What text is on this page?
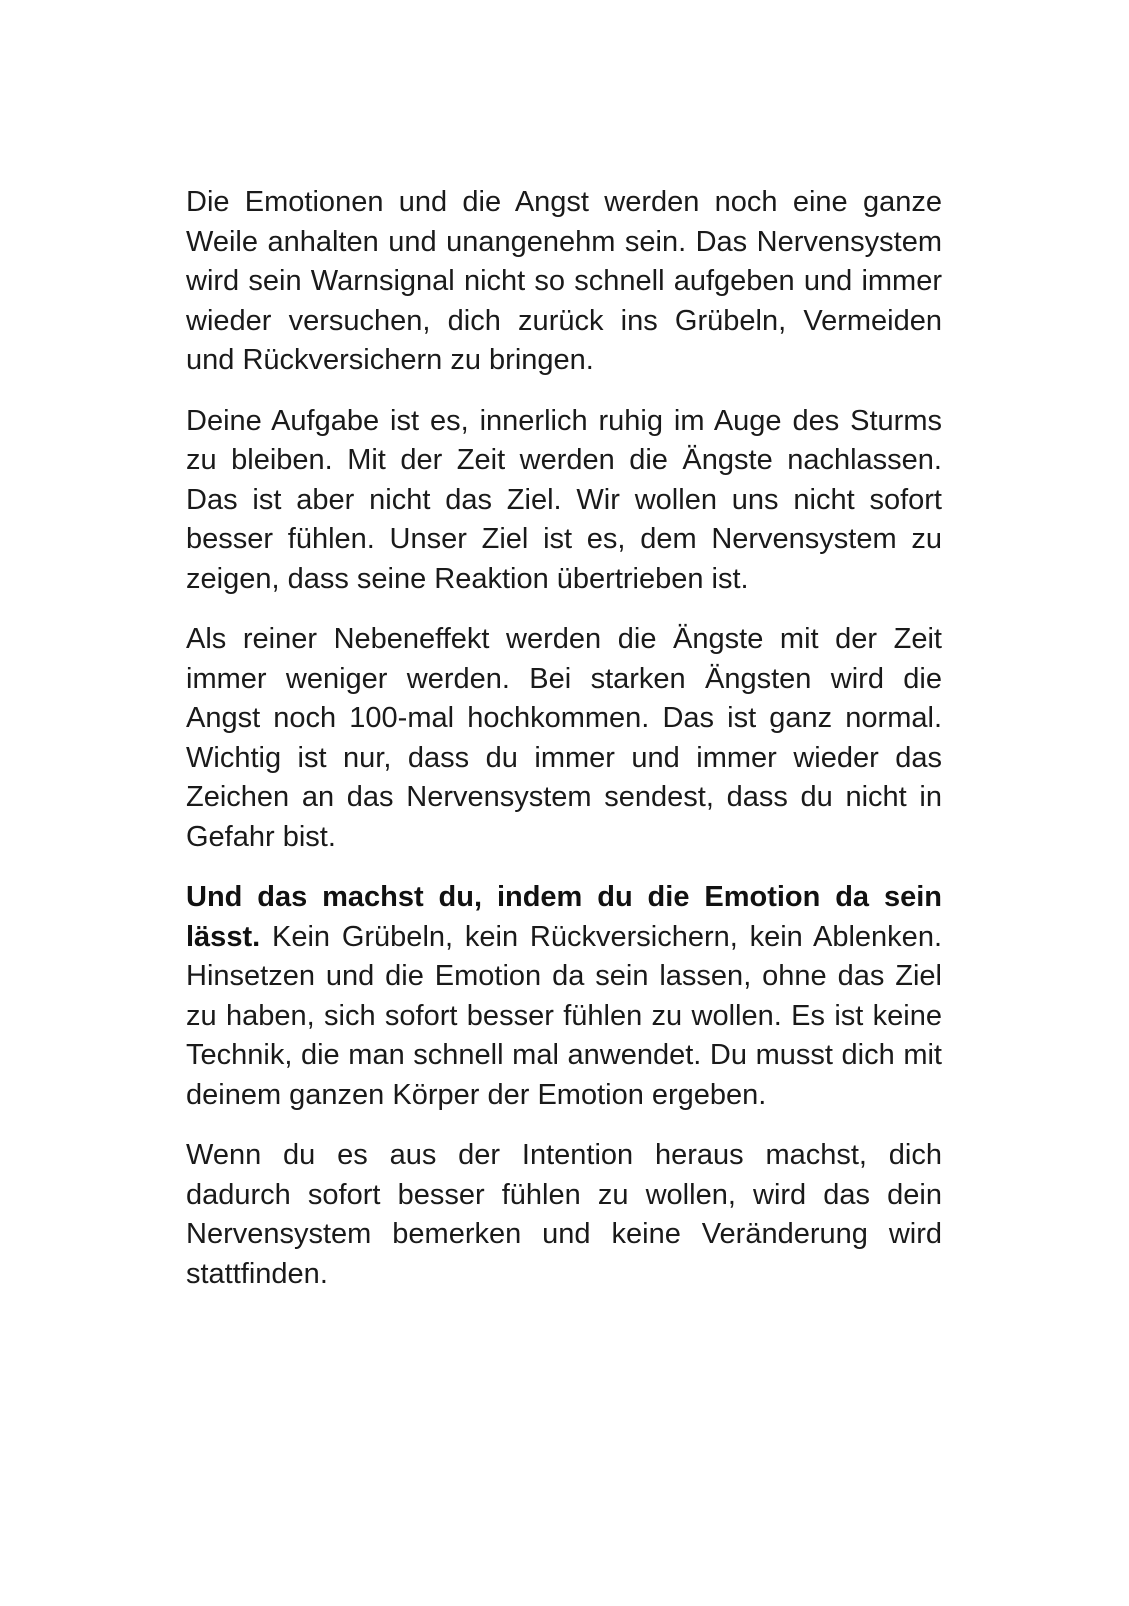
Die Emotionen und die Angst werden noch eine ganze Weile anhalten und unangenehm sein. Das Nervensystem wird sein Warnsignal nicht so schnell aufgeben und immer wieder versuchen, dich zurück ins Grübeln, Vermeiden und Rückversichern zu bringen.

Deine Aufgabe ist es, innerlich ruhig im Auge des Sturms zu bleiben. Mit der Zeit werden die Ängste nachlassen. Das ist aber nicht das Ziel. Wir wollen uns nicht sofort besser fühlen. Unser Ziel ist es, dem Nervensystem zu zeigen, dass seine Reaktion übertrieben ist.

Als reiner Nebeneffekt werden die Ängste mit der Zeit immer weniger werden. Bei starken Ängsten wird die Angst noch 100-mal hochkommen. Das ist ganz normal. Wichtig ist nur, dass du immer und immer wieder das Zeichen an das Nervensystem sendest, dass du nicht in Gefahr bist.

Und das machst du, indem du die Emotion da sein lässt. Kein Grübeln, kein Rückversichern, kein Ablenken. Hinsetzen und die Emotion da sein lassen, ohne das Ziel zu haben, sich sofort besser fühlen zu wollen. Es ist keine Technik, die man schnell mal anwendet. Du musst dich mit deinem ganzen Körper der Emotion ergeben.

Wenn du es aus der Intention heraus machst, dich dadurch sofort besser fühlen zu wollen, wird das dein Nervensystem bemerken und keine Veränderung wird stattfinden.
